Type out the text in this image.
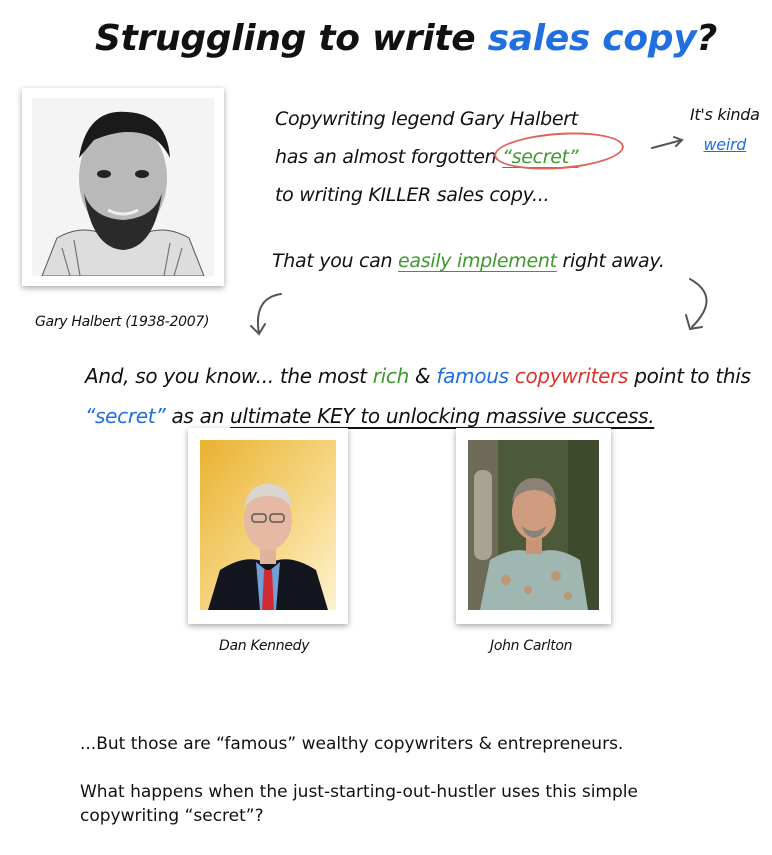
Struggling to write sales copy?
Gary Halbert (1938-2007)
Copywriting legend Gary Halbert
has an almost forgotten “secret”
to writing KILLER sales copy...
It's kinda
weird
That you can easily implement right away.
And, so you know... the most rich & famous copywriters point to this
“secret” as an ultimate KEY to unlocking massive success.
Dan Kennedy	John Carlton

...But those are “famous” wealthy copywriters & entrepreneurs.

What happens when the just-starting-out-hustler uses this simple copywriting “secret”?
